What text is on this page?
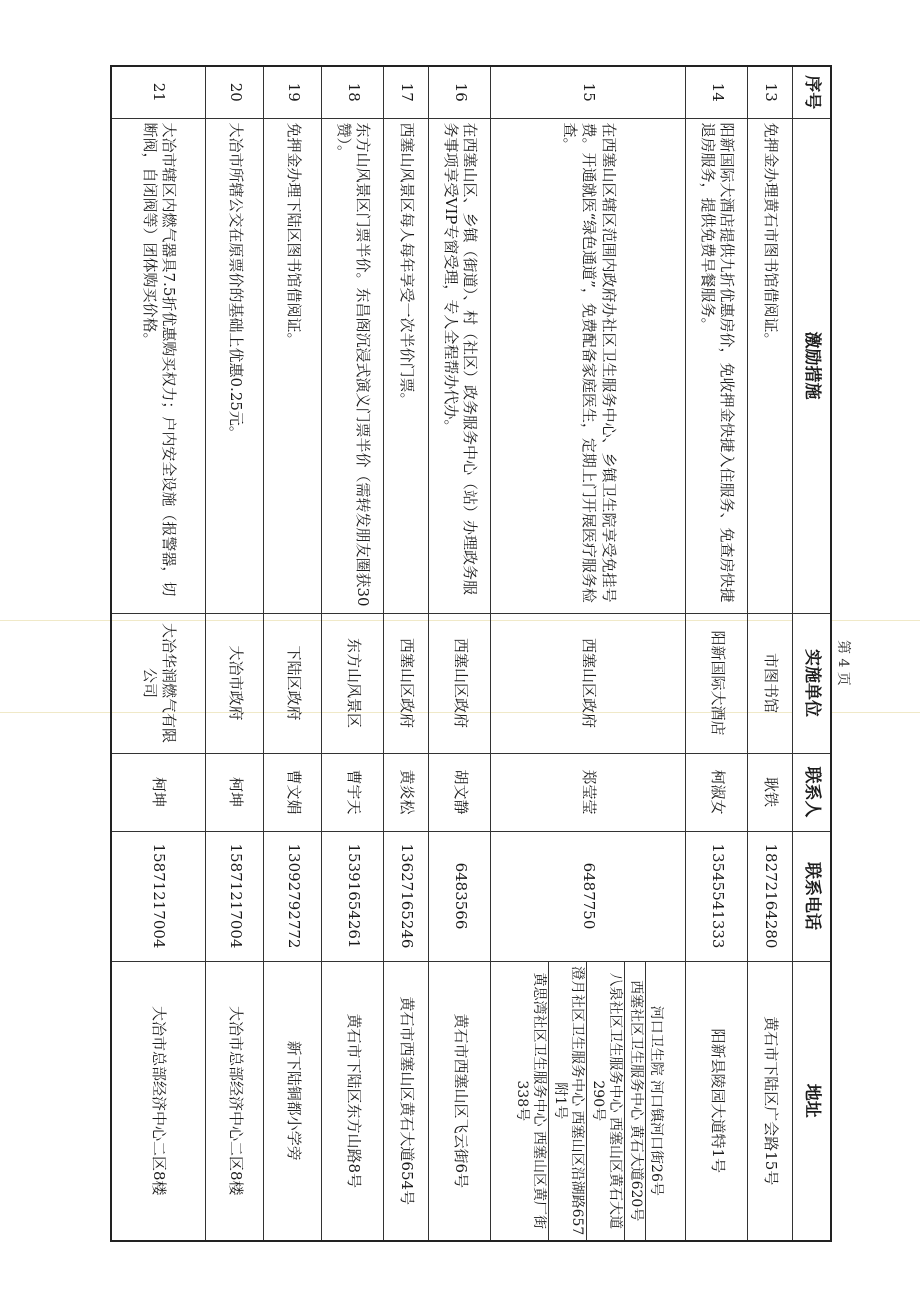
第 4 页
序号	激励措施	实施单位	联系人	联系电话	地址
13	免押金办理黄石市图书馆借阅证。	市图书馆	耿铁	18272164280	黄石市下陆区广会路15号
14	阳新国际大酒店提供九折优惠房价，免收押金快捷入住服务、免查房快捷退房服务，提供免费早餐服务。	阳新国际大酒店	柯淑女	13545541333	阳新县陵园大道特1号
15	在西塞山区辖区范围内政府办社区卫生服务中心、乡镇卫生院享受免挂号费。开通就医“绿色通道”，免费配备家庭医生，定期上门开展医疗服务检查。	西塞山区政府	郑莹莹	6487750	河口卫生院 河口镇河口街26号
西塞社区卫生服务中心 黄石大道620号
八泉社区卫生服务中心 西塞山区黄石大道290号
澄月社区卫生服务中心 西塞山区沿湖路657附1号
黄思湾社区卫生服务中心 西塞山区黄厂街338号

16	在西塞山区、乡镇（街道）、村（社区）政务服务中心（站）办理政务服务事项享受VIP专窗受理，专人全程帮办代办。	西塞山区政府	胡文静	6483566	黄石市西塞山区飞云街6号
17	西塞山风景区每人每年享受一次半价门票。	西塞山区政府	黄炎松	13627165246	黄石市西塞山区黄石大道654号
18	东方山风景区门票半价。东昌阁沉浸式演义门票半价（需转发朋友圈获30赞）。	东方山风景区	曹宇天	15391654261	黄石市下陆区东方山路8号
19	免押金办理下陆区图书馆借阅证。	下陆区政府	曹文娟	13092792772	新下陆铜都小学旁
20	大冶市所辖公交在原票价的基础上优惠0.25元。	大冶市政府	柯坤	15871217004	大冶市总部经济中心二区8楼
21	大冶市辖区内燃气器具7.5折优惠购买权力；户内安全设施（报警器，切断阀，自闭阀等）团体购买价格。	大冶华润燃气有限公司	柯坤	15871217004	大冶市总部经济中心二区8楼
